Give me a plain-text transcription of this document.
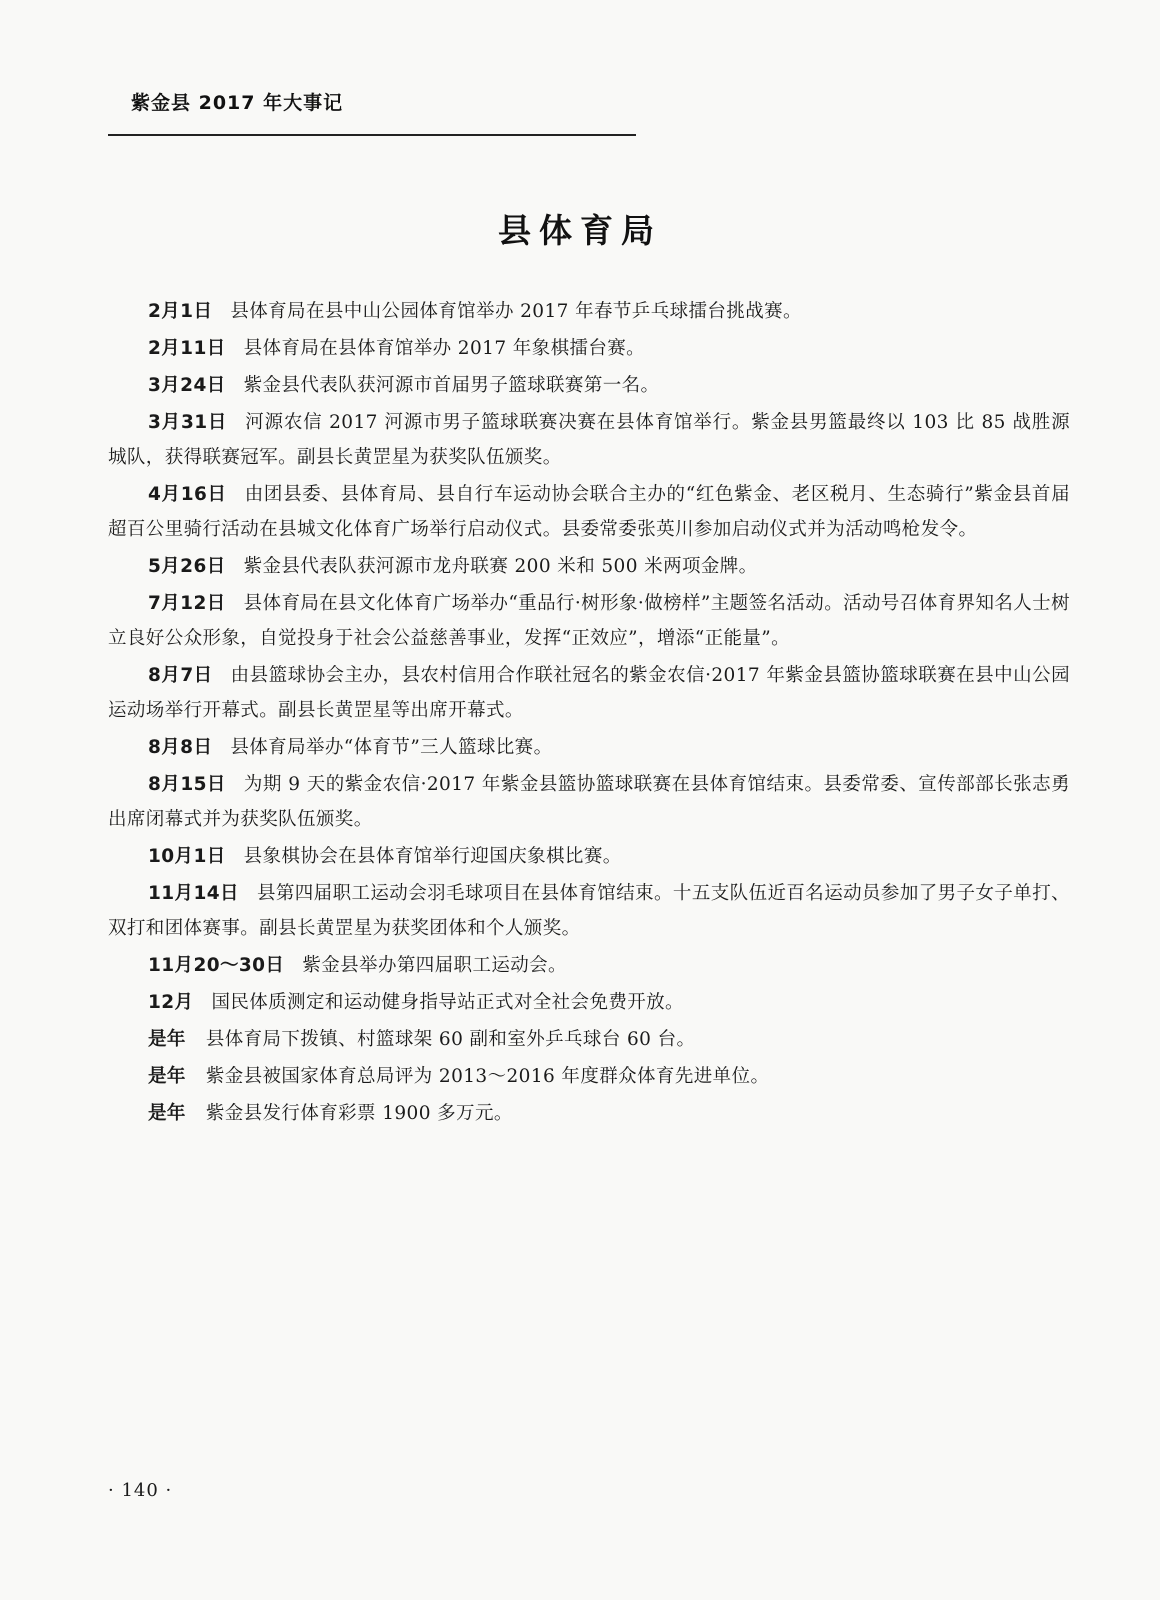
紫金县 2017 年大事记
县体育局

2月1日 县体育局在县中山公园体育馆举办 2017 年春节乒乓球擂台挑战赛。

2月11日 县体育局在县体育馆举办 2017 年象棋擂台赛。

3月24日 紫金县代表队获河源市首届男子篮球联赛第一名。

3月31日 河源农信 2017 河源市男子篮球联赛决赛在县体育馆举行。紫金县男篮最终以 103 比 85 战胜源城队，获得联赛冠军。副县长黄罡星为获奖队伍颁奖。

4月16日 由团县委、县体育局、县自行车运动协会联合主办的“红色紫金、老区税月、生态骑行”紫金县首届超百公里骑行活动在县城文化体育广场举行启动仪式。县委常委张英川参加启动仪式并为活动鸣枪发令。

5月26日 紫金县代表队获河源市龙舟联赛 200 米和 500 米两项金牌。

7月12日 县体育局在县文化体育广场举办“重品行·树形象·做榜样”主题签名活动。活动号召体育界知名人士树立良好公众形象，自觉投身于社会公益慈善事业，发挥“正效应”，增添“正能量”。

8月7日 由县篮球协会主办，县农村信用合作联社冠名的紫金农信·2017 年紫金县篮协篮球联赛在县中山公园运动场举行开幕式。副县长黄罡星等出席开幕式。

8月8日 县体育局举办“体育节”三人篮球比赛。

8月15日 为期 9 天的紫金农信·2017 年紫金县篮协篮球联赛在县体育馆结束。县委常委、宣传部部长张志勇出席闭幕式并为获奖队伍颁奖。

10月1日 县象棋协会在县体育馆举行迎国庆象棋比赛。

11月14日 县第四届职工运动会羽毛球项目在县体育馆结束。十五支队伍近百名运动员参加了男子女子单打、双打和团体赛事。副县长黄罡星为获奖团体和个人颁奖。

11月20～30日 紫金县举办第四届职工运动会。

12月 国民体质测定和运动健身指导站正式对全社会免费开放。

是年 县体育局下拨镇、村篮球架 60 副和室外乒乓球台 60 台。

是年 紫金县被国家体育总局评为 2013～2016 年度群众体育先进单位。

是年 紫金县发行体育彩票 1900 多万元。

· 140 ·
